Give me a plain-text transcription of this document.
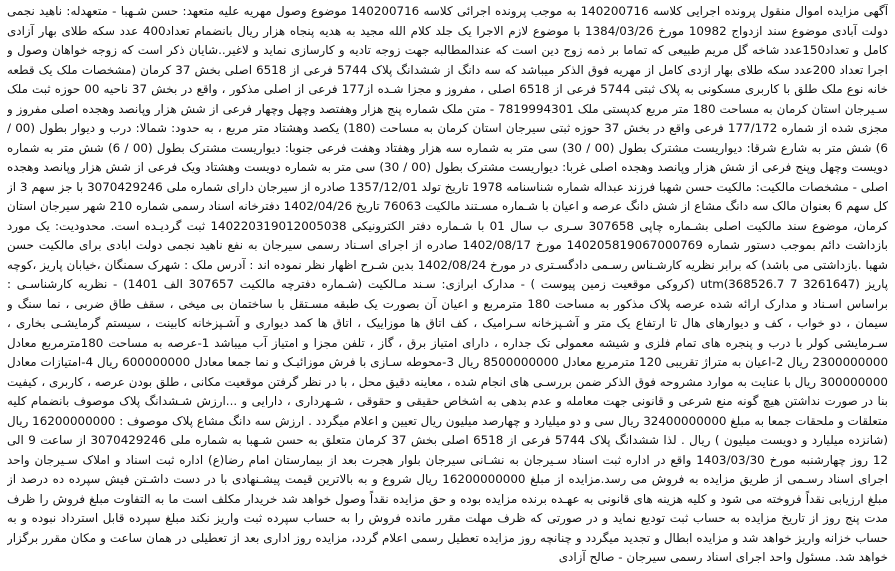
آگهی مزایده اموال منقول پرونده اجرایی کلاسه 140200716 به موجب پرونده اجرائی کلاسه 140200716 موضوع وصول مهریه علیه متعهد: حسن شـهبا - متعهدله: ناهید نجمی دولت آبادی موضوع سند ازدواج 10982 مورخ 1384/03/26 با موضوع لازم الاجرا یک جلد کلام الله مجید به هدیه پنجاه هزار ریال بانضمام تعداد400 عدد سکه طلای بهار آزادی کامل و تعداد150عدد شاخه گل مریم طبیعی که تماما بر ذمه زوج دین است که عندالمطالبه جهت زوجه تادیه و کارسازی نماید و لاغیر..شایان ذکر است که زوجه خواهان وصول و اجرا تعداد 200عدد سکه طلای بهار ازدی کامل از مهریه فوق الذکر میباشد که سه دانگ از ششدانگ پلاک 5744 فرعی از 6518 اصلی بخش 37 کرمان (مشخصات ملک یک قطعه خانه نوع ملک طلق با کاربری مسکونی به پلاک ثبتی 5744 فرعی از 6518 اصلی ، مفروز و مجزا شـده از177 فرعی از اصلی مذکور ، واقع در بخش 37 ناحیه 00 حوزه ثبت ملک سـیرجان استان کرمان به مساحت 180 متر مربع کدپستی ملک 7819994301 - متن ملک شماره پنج هزار وهفتصد وچهل وچهار فرعی از شش هزار وپانصد وهجده اصلی مفروز و مجزی شده از شماره 177/172 فرعی واقع در بخش 37 حوزه ثبتی سیرجان استان کرمان به مساحت (180) یکصد وهشتاد متر مربع ، به حدود: شمالا: درب و دیوار بطول (00 / 6) شش متر به شارع شرقا: دیواریست مشترک بطول (00 / 30) سی متر به شماره سه هزار وهفتاد وهفت فرعی جنوبا: دیواریست مشترک بطول (00 / 6) شش متر به شماره دویست وچهل وپنج فرعی از شش هزار وپانصد وهجده اصلی غربا: دیواریست مشترک بطول (00 / 30) سی متر به شماره دویست وهشتاد ویک فرعی از شش هزار وپانصد وهجده اصلی - مشخصات مالکیت: مالکیت حسن شهبا فرزند عبداله شماره شناسنامه 1978 تاریخ تولد 1357/12/01 صادره از سیرجان دارای شماره ملی 3070429246 با جز سهم 3 از کل سهم 6 بعنوان مالک سه دانگ مشاع از شش دانگ عرصه و اعیان با شـماره مسـتند مالکیت 76063 تاریخ 1402/04/26 دفترخانه اسناد رسمی شماره 210 شهر سیرجان استان کرمان، موضوع سند مالکیت اصلی بشـماره چاپی 307658 سـری ب سال 01 با شـماره دفتر الکترونیکی 140220319012005038 ثبت گردیـده است. محدودیت: یک مورد بازداشت دائم بموجب دستور شماره 140205819067000769 مورخ 1402/08/17 صادره از اجرای اسـناد رسمی سیرجان به نفع ناهید نجمی دولت ابادی برای مالکیت حسن شهبا .بازداشتی می باشد) که برابر نظریه کارشـناس رسـمی دادگسـتری در مورخ 1402/08/24 بدین شـرح اظهار نظر نموده اند : آدرس ملک : شهرک سمنگان ،خیابان پاریز ،کوچه پاریز utm(368526.7 7 3261647) (کروکی موقعیت زمین پیوست ) - مدارک ابرازی: سـند مـالکیت (شـماره دفترچه مالکیت 307657 الف 1401) - نظریه کارشناسـی : براساس اسـناد و مدارک ارائه شده عرصه پلاک مذکور به مساحت 180 مترمربع و اعیان آن بصورت یک طبقه مسـتقل با ساختمان بی میخی ، سقف طاق ضربی ، نما سنگ و سیمان ، دو خواب ، کف و دیوارهای هال تا ارتفاع یک متر و آشـپزخانه سـرامیک ، کف اتاق ها موزاییک ، اتاق ها کمد دیواری و آشـپزخانه کابینت ، سیستم گرمایشـی بخاری ، سـرمایشی کولر با درب و پنجره های تمام فلزی و شیشه معمولی تک جداره ، دارای امتیاز برق ، گاز ، تلفن مجزا و امتیاز آب میباشد 1-عرصه به مساحت 180مترمربع معادل 2300000000 ریال 2-اعیان به متراژ تقریبی 120 مترمربع معادل 8500000000 ریال 3-محوطه سـازی با فرش موزائیـک و نما جمعا معادل 600000000 ریال 4-امتیازات معادل 300000000 ریال با عنایت به موارد مشروحه فوق الذکر ضمن بررسـی های انجام شده ، معاینه دقیق محل ، با در نظر گرفتن موقعیت مکانی ، طلق بودن عرصه ، کاربری ، کیفیت بنا در صورت نداشتن هیچ گونه منع شرعی و قانونی جهت معامله و عدم بدهی به اشخاص حقیقی و حقوقی ، شـهرداری ، دارایی و ...ارزش شـشدانگ پلاک موصوف بانضمام کلیه متعلقات و ملحقات جمعا به مبلغ 32400000000 ریال سی و دو میلیارد و چهارصد میلیون ریال تعیین و اعلام میگردد . ارزش سه دانگ مشاع پلاک موصوف : 16200000000 ریال (شانزده میلیارد و دویست میلیون ) ریال . لذا ششدانگ پلاک 5744 فرعی از 6518 اصلی بخش 37 کرمان متعلق به حسن شـهبا به شماره ملی 3070429246 از ساعت 9 الی 12 روز چهارشنبه مورخ 1403/03/30 واقع در اداره ثبت اسناد سـیرجان به نشـانی سیرجان بلوار هجرت بعد از بیمارستان امام رضا(ع) اداره ثبت اسناد و املاک سـیرجان واحد اجرای اسناد رسـمی از طریق مزایده به فروش می رسد.مزایده از مبلغ 16200000000 ریال شروع و به بالاترین قیمت پیشـنهادی با در دست داشـتن فیش سپرده ده درصد از مبلغ ارزیابی نقداً فروخته می شود و کلیه هزینه های قانونی به عهـده برنده مزایده بوده و حق مزایده نقداً وصول خواهد شد خریدار مکلف است ما به التفاوت مبلغ فروش را ظرف مدت پنج روز از تاریخ مزایده به حساب ثبت تودیع نماید و در صورتی که ظرف مهلت مقرر مانده فروش را به حساب سپرده ثبت واریز نکند مبلغ سپرده قابل استرداد نبوده و به حساب خزانه واریز خواهد شد و مزایده ابطال و تجدید میگردد و چنانچه روز مزایده تعطیل رسمی اعلام گردد، مزایده روز اداری بعد از تعطیلی در همان ساعت و مکان مقرر برگزار خواهد شد. مسئول واحد اجرای اسناد رسمی سیرجان - صالح آزادی
